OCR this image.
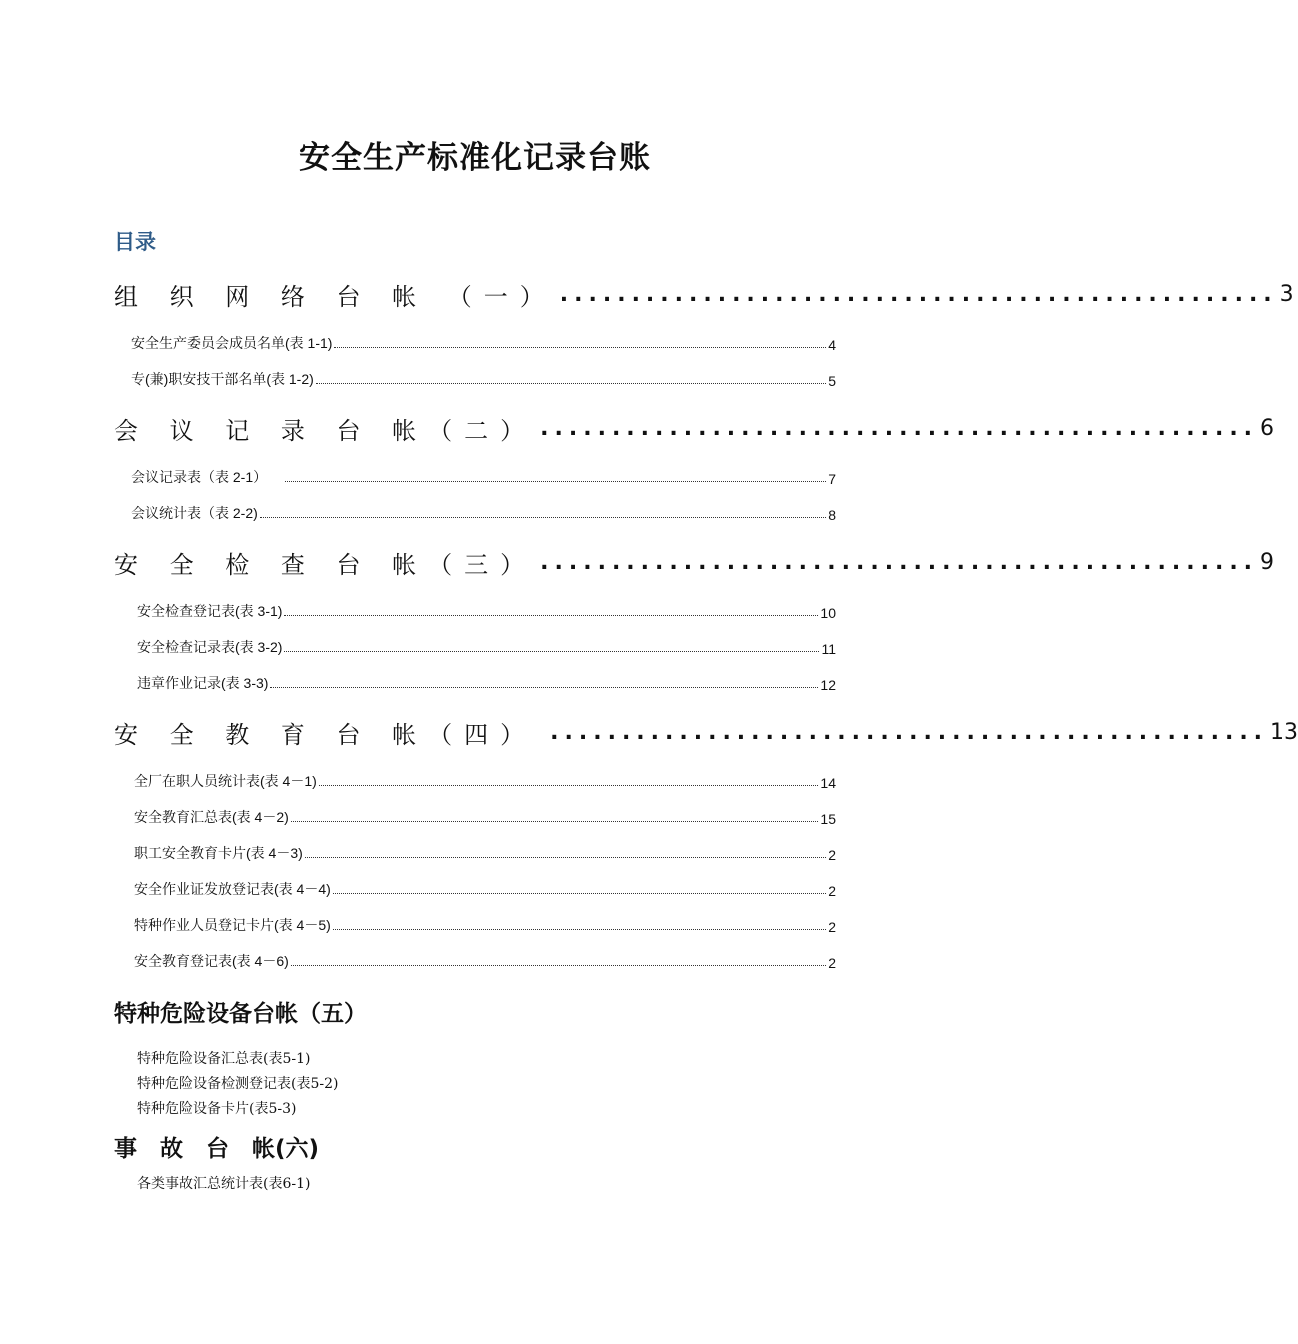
安全生产标准化记录台账
目录
组 织 网 络 台 帐 （一） .................................................. 3
安全生产委员会成员名单(表 1-1)	4
专(兼)职安技干部名单(表 1-2)	5
会 议 记 录 台 帐（二） .................................................. 6
会议记录表（表 2-1）	7
会议统计表（表 2-2)	8
安 全 检 查 台 帐（三） .................................................. 9
安全检查登记表(表 3-1)	10
安全检查记录表(表 3-2)	11
违章作业记录(表 3-3)	12
安 全 教 育 台 帐（四） .................................................. 13
全厂在职人员统计表(表 4－1)	14
安全教育汇总表(表 4－2)	15
职工安全教育卡片(表 4－3)	2
安全作业证发放登记表(表 4－4)	2
特种作业人员登记卡片(表 4－5)	2
安全教育登记表(表 4－6)	2
特种危险设备台帐（五）
特种危险设备汇总表(表5-1)
特种危险设备检测登记表(表5-2)
特种危险设备卡片(表5-3)
事　故　台　帐(六)
各类事故汇总统计表(表6-1)
